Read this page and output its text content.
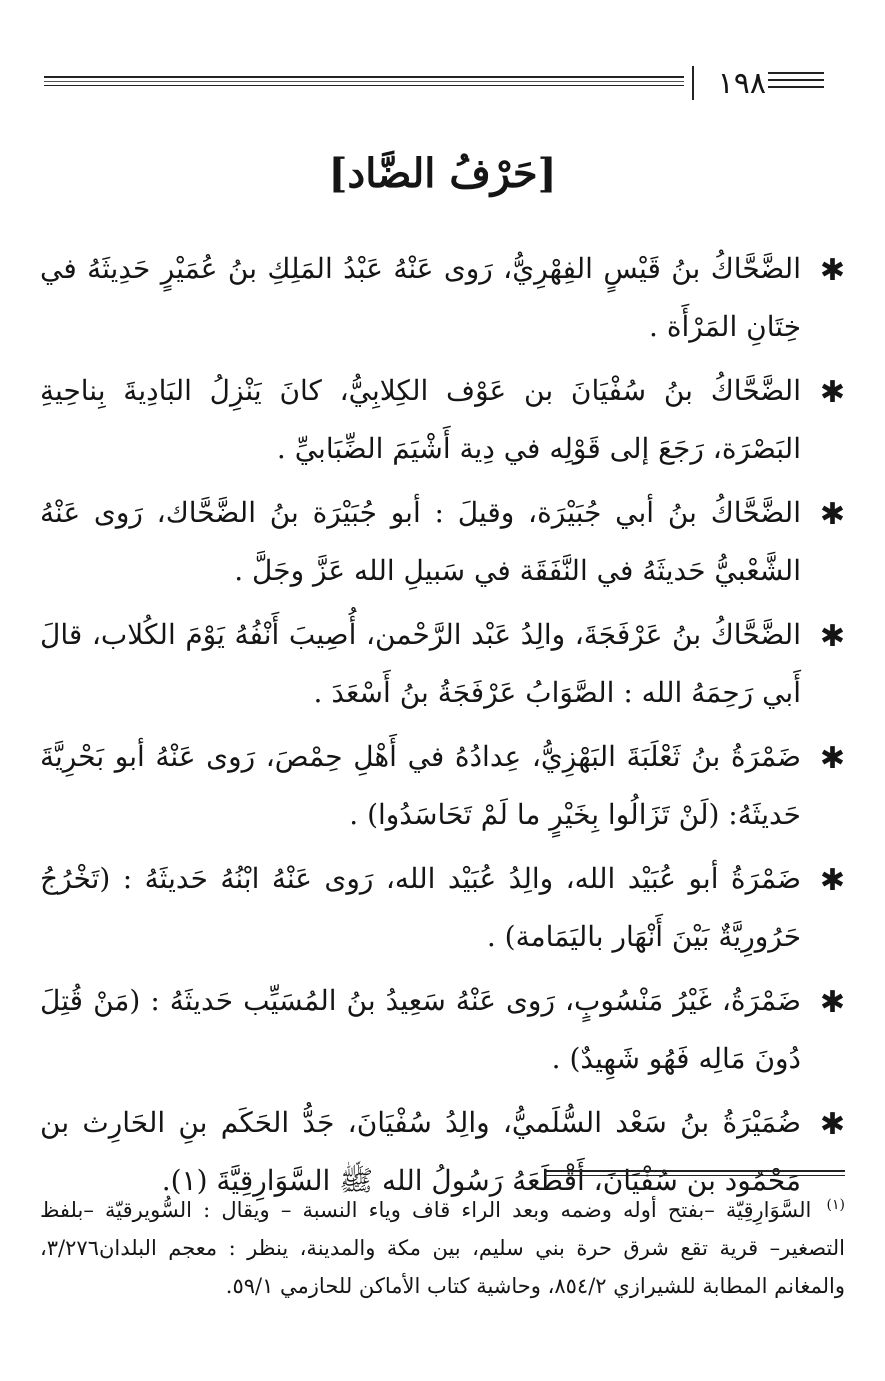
١٩٨
[حَرْفُ الضَّاد]
✱
الضَّحَّاكُ بنُ قَيْسٍ الفِهْرِيُّ، رَوى عَنْهُ عَبْدُ المَلِكِ بنُ عُمَيْرٍ حَدِيثَهُ في خِتَانِ المَرْأَة .
✱
الضَّحَّاكُ بنُ سُفْيَانَ بن عَوْف الكِلابِيُّ، كانَ يَنْزِلُ البَادِيةَ بِناحِيةِ البَصْرَة، رَجَعَ إلى قَوْلِه في دِية أَشْيَمَ الضِّبَابيِّ .
✱
الضَّحَّاكُ بنُ أبي جُبَيْرَة، وقيلَ : أبو جُبَيْرَة بنُ الضَّحَّاك، رَوى عَنْهُ الشَّعْبيُّ حَديثَهُ في النَّفَقَة في سَبيلِ الله عَزَّ وجَلَّ .
✱
الضَّحَّاكُ بنُ عَرْفَجَةَ، والِدُ عَبْد الرَّحْمن، أُصِيبَ أَنْفُهُ يَوْمَ الكُلاب، قالَ أَبي رَحِمَهُ الله : الصَّوَابُ عَرْفَجَةُ بنُ أَسْعَدَ .
✱
ضَمْرَةُ بنُ ثَعْلَبَةَ البَهْزِيُّ، عِدادُهُ في أَهْلِ حِمْصَ، رَوى عَنْهُ أبو بَحْرِيَّةَ حَديثَهُ: (لَنْ تَزَالُوا بِخَيْرٍ ما لَمْ تَحَاسَدُوا) .
✱
ضَمْرَةُ أبو عُبَيْد الله، والِدُ عُبَيْد الله، رَوى عَنْهُ ابْنُهُ حَديثَهُ : (تَخْرُجُ حَرُورِيَّةٌ بَيْنَ أَنْهَار باليَمَامة) .
✱
ضَمْرَةُ، غَيْرُ مَنْسُوبٍ، رَوى عَنْهُ سَعِيدُ بنُ المُسَيِّب حَديثَهُ : (مَنْ قُتِلَ دُونَ مَالِه فَهُو شَهِيدٌ) .
✱
ضُمَيْرَةُ بنُ سَعْد السُّلَميُّ، والِدُ سُفْيَانَ، جَدُّ الحَكَم بنِ الحَارِث بن مَحْمُود بن سُفْيَانَ، أَقْطَعَهُ رَسُولُ الله ﷺ السَّوَارِقِيَّةَ (١).
$^{(١)}$ السَّوَارِقِيّة –بفتح أوله وضمه وبعد الراء قاف وياء النسبة – ويقال : السُّويرقيّة –بلفظ التصغير– قرية تقع شرق حرة بني سليم، بين مكة والمدينة، ينظر : معجم البلدان٣/٢٧٦، والمغانم المطابة للشيرازي ٨٥٤/٢، وحاشية كتاب الأماكن للحازمي ٥٩/١.
